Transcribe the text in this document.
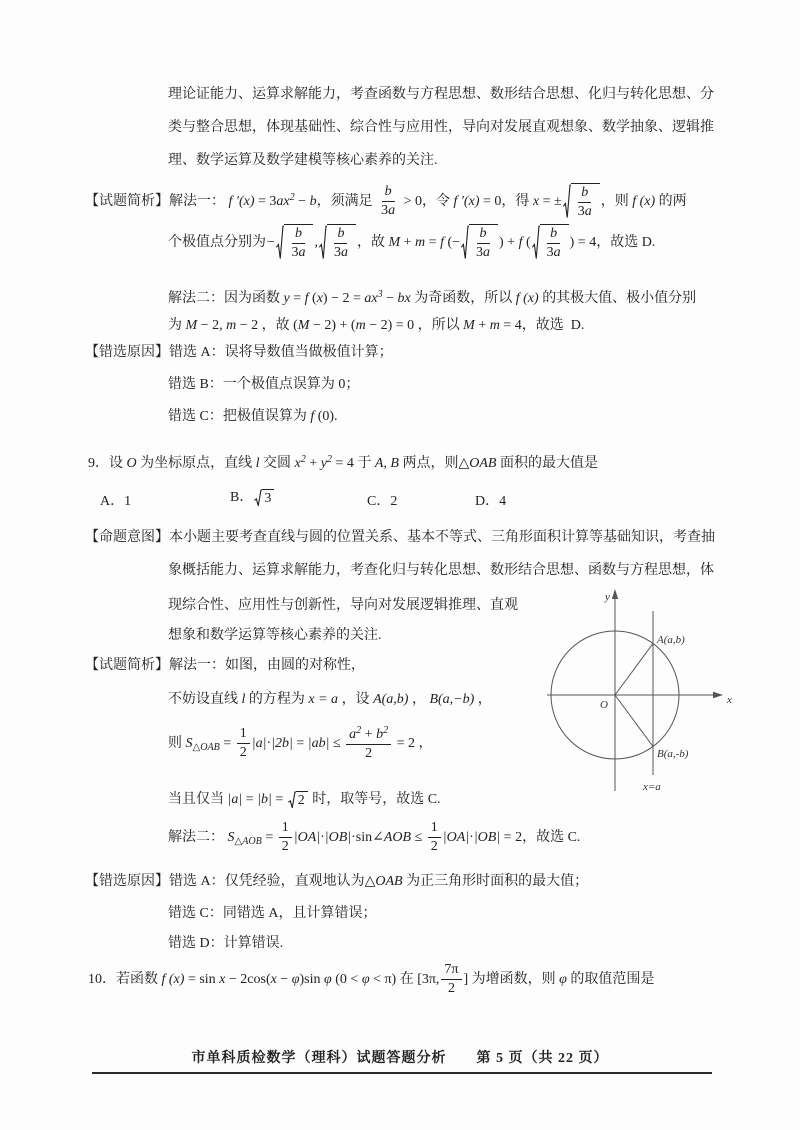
理论证能力、运算求解能力，考查函数与方程思想、数形结合思想、化归与转化思想、分
类与整合思想，体现基础性、综合性与应用性，导向对发展直观想象、数学抽象、逻辑推
理、数学运算及数学建模等核心素养的关注.
【试题简析】解法一： f $'(x) = 3ax^2 - b$，须满足 $\frac{b}{3a} > 0$，令 f ′(x) = 0，得 x = ± $\frac{b}{3a}$ ，则 f (x) 的两
个极值点分别为− $\frac{b}{3a}$ , $\frac{b}{3a}$ ，故 M + m = f (− $\frac{b}{3a}$ ) + f ( $\frac{b}{3a}$ ) = 4，故选 D.
解法二：因为函数 y = f $(x) - 2 = ax^3$ − bx 为奇函数，所以 f (x) 的其极大值、极小值分别
为 M − 2, m − 2 ，故 (M − 2) + (m − 2) = 0 ，所以 M + m = 4，故选  D.
【错选原因】错选 A：误将导数值当做极值计算；
错选 B：一个极值点误算为 0；
错选 C：把极值误算为 f (0).
9．设 O 为坐标原点，直线 l 交圆 $x^2 + y^2 = 4$ 于 A, B 两点，则△OAB 面积的最大值是
A．1	B． 3	C．2	D．4
【命题意图】本小题主要考查直线与圆的位置关系、基本不等式、三角形面积计算等基础知识，考查抽
象概括能力、运算求解能力，考查化归与转化思想、数形结合思想、函数与方程思想，体
现综合性、应用性与创新性，导向对发展逻辑推理、直观
想象和数学运算等核心素养的关注.
【试题简析】解法一：如图，由圆的对称性，
不妨设直线 l 的方程为 x = a ，设 A(a,b) ， B(a,−b) ，
则 $S_{\triangle OAB} = \frac{1}{2} |a|\cdot|2b| = |ab| \le \frac{a^2 + b^2}{2} = 2$ ，
当且仅当 |a| = |b| = 2 时，取等号，故选 C.
解法二： $S_{\triangle AOB} = \frac{1}{2}$ |OA|·|OB|·sin∠AOB ≤ $\frac{1}{2} |OA|\cdot|OB| = 2$，故选 C.
【错选原因】错选 A：仅凭经验，直观地认为△OAB 为正三角形时面积的最大值；
错选 C：同错选 A，且计算错误；
错选 D：计算错误.
10．若函数 f (x) = sin x − 2cos(x − φ)sin φ (0 < φ < π) 在 [3π, $\frac{7\pi}{2}$ ] 为增函数，则 φ 的取值范围是
y
x
O
A(a,b)
B(a,-b)
x=a
市单科质检数学（理科）试题答题分析　　 第 5 页（共 22 页）
